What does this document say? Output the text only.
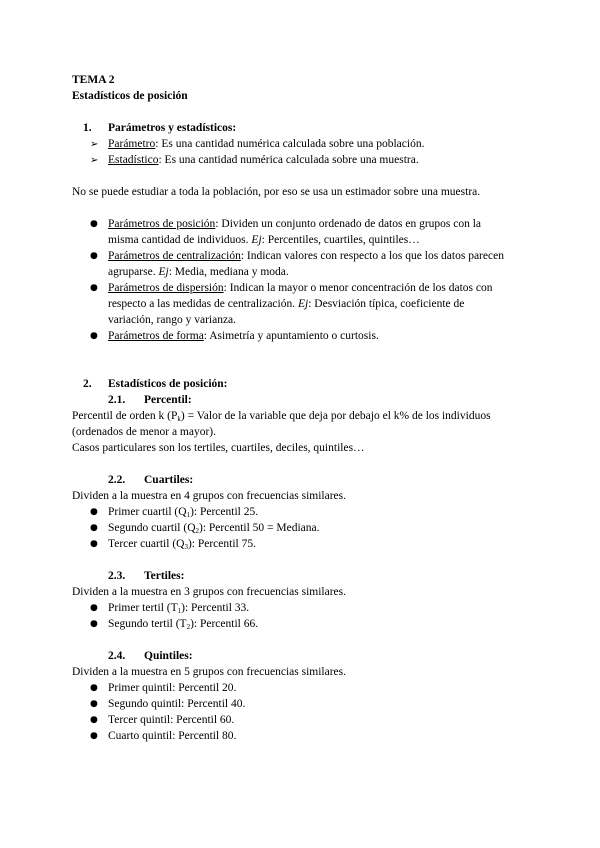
TEMA 2
Estadísticos de posición
1. Parámetros y estadísticos:
➢ Parámetro: Es una cantidad numérica calculada sobre una población.
➢ Estadístico: Es una cantidad numérica calculada sobre una muestra.
No se puede estudiar a toda la población, por eso se usa un estimador sobre una muestra.
● Parámetros de posición: Dividen un conjunto ordenado de datos en grupos con la
misma cantidad de individuos. Ej: Percentiles, cuartiles, quintiles…
● Parámetros de centralización: Indican valores con respecto a los que los datos parecen
agruparse. Ej: Media, mediana y moda.
● Parámetros de dispersión: Indican la mayor o menor concentración de los datos con
respecto a las medidas de centralización. Ej: Desviación típica, coeficiente de
variación, rango y varianza.
● Parámetros de forma: Asimetría y apuntamiento o curtosis.
2. Estadísticos de posición:
2.1. Percentil:
Percentil de orden k $(P_k)$ = Valor de la variable que deja por debajo el k% de los individuos
(ordenados de menor a mayor).
Casos particulares son los tertiles, cuartiles, deciles, quintiles…
2.2. Cuartiles:
Dividen a la muestra en 4 grupos con frecuencias similares.
● Primer cuartil $(Q_1)$: Percentil 25.
● Segundo cuartil $(Q_2)$: Percentil 50 = Mediana.
● Tercer cuartil $(Q_3)$: Percentil 75.
2.3. Tertiles:
Dividen a la muestra en 3 grupos con frecuencias similares.
● Primer tertil $(T_1)$: Percentil 33.
● Segundo tertil $(T_2)$: Percentil 66.
2.4. Quintiles:
Dividen a la muestra en 5 grupos con frecuencias similares.
● Primer quintil: Percentil 20.
● Segundo quintil: Percentil 40.
● Tercer quintil: Percentil 60.
● Cuarto quintil: Percentil 80.
